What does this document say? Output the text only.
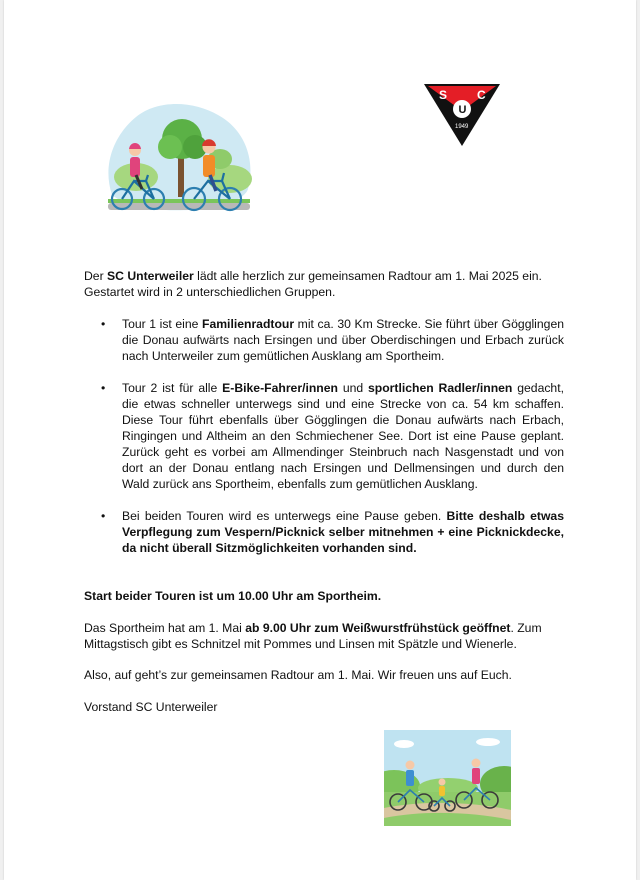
S C
U
1949

Der SC Unterweiler lädt alle herzlich zur gemeinsamen Radtour am 1. Mai 2025 ein. Gestartet wird in 2 unterschiedlichen Gruppen.

• Tour 1 ist eine Familienradtour mit ca. 30 Km Strecke. Sie führt über Gögglingen die Donau aufwärts nach Ersingen und über Oberdischingen und Erbach zurück nach Unterweiler zum gemütlichen Ausklang am Sportheim.
• Tour 2 ist für alle E-Bike-Fahrer/innen und sportlichen Radler/innen gedacht, die etwas schneller unterwegs sind und eine Strecke von ca. 54 km schaffen. Diese Tour führt ebenfalls über Gögglingen die Donau aufwärts nach Erbach, Ringingen und Altheim an den Schmiechener See. Dort ist eine Pause geplant. Zurück geht es vorbei am Allmendinger Steinbruch nach Nasgenstadt und von dort an der Donau entlang nach Ersingen und Dellmensingen und durch den Wald zurück ans Sportheim, ebenfalls zum gemütlichen Ausklang.
• Bei beiden Touren wird es unterwegs eine Pause geben. Bitte deshalb etwas Verpflegung zum Vespern/Picknick selber mitnehmen + eine Picknickdecke, da nicht überall Sitzmöglichkeiten vorhanden sind.

Start beider Touren ist um 10.00 Uhr am Sportheim.

Das Sportheim hat am 1. Mai ab 9.00 Uhr zum Weißwurstfrühstück geöffnet. Zum Mittagstisch gibt es Schnitzel mit Pommes und Linsen mit Spätzle und Wienerle.

Also, auf geht’s zur gemeinsamen Radtour am 1. Mai. Wir freuen uns auf Euch.

Vorstand SC Unterweiler
